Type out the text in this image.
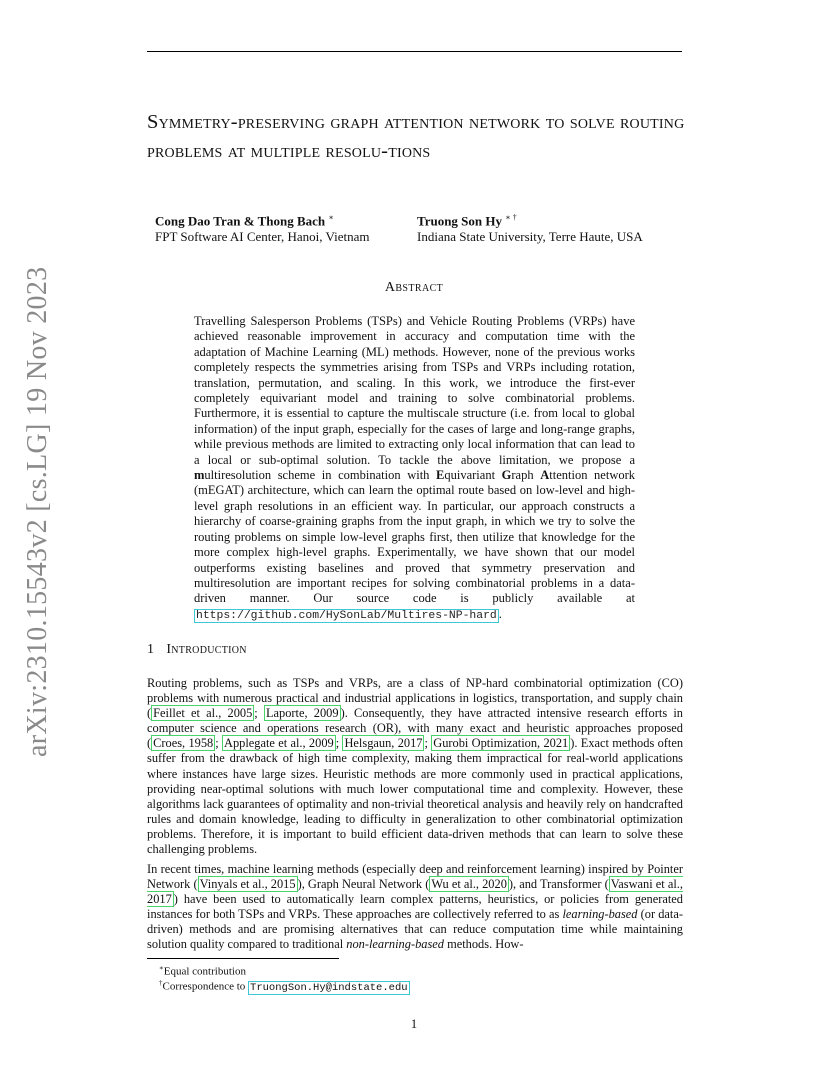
arXiv:2310.15543v2 [cs.LG] 19 Nov 2023
Symmetry-preserving graph attention network to solve routing problems at multiple resolu-tions
Cong Dao Tran & Thong Bach ∗
FPT Software AI Center, Hanoi, Vietnam
Truong Son Hy ∗ †
Indiana State University, Terre Haute, USA
Abstract
Travelling Salesperson Problems (TSPs) and Vehicle Routing Problems (VRPs) have achieved reasonable improvement in accuracy and computation time with the adaptation of Machine Learning (ML) methods. However, none of the previous works completely respects the symmetries arising from TSPs and VRPs including rotation, translation, permutation, and scaling. In this work, we introduce the first-ever completely equivariant model and training to solve combinatorial problems. Furthermore, it is essential to capture the multiscale structure (i.e. from local to global information) of the input graph, especially for the cases of large and long-range graphs, while previous methods are limited to extracting only local information that can lead to a local or sub-optimal solution. To tackle the above limitation, we propose a multiresolution scheme in combination with Equivariant Graph Attention network (mEGAT) architecture, which can learn the optimal route based on low-level and high-level graph resolutions in an efficient way. In particular, our approach constructs a hierarchy of coarse-graining graphs from the input graph, in which we try to solve the routing problems on simple low-level graphs first, then utilize that knowledge for the more complex high-level graphs. Experimentally, we have shown that our model outperforms existing baselines and proved that symmetry preservation and multiresolution are important recipes for solving combinatorial problems in a data-driven manner. Our source code is publicly available at https://github.com/HySonLab/Multires-NP-hard .
1 Introduction
Routing problems, such as TSPs and VRPs, are a class of NP-hard combinatorial optimization (CO) problems with numerous practical and industrial applications in logistics, transportation, and supply chain ( Feillet et al., 2005 ; Laporte, 2009 ). Consequently, they have attracted intensive research efforts in computer science and operations research (OR), with many exact and heuristic approaches proposed ( Croes, 1958 ; Applegate et al., 2009 ; Helsgaun, 2017 ; Gurobi Optimization, 2021 ). Exact methods often suffer from the drawback of high time complexity, making them impractical for real-world applications where instances have large sizes. Heuristic methods are more commonly used in practical applications, providing near-optimal solutions with much lower computational time and complexity. However, these algorithms lack guarantees of optimality and non-trivial theoretical analysis and heavily rely on handcrafted rules and domain knowledge, leading to difficulty in generalization to other combinatorial optimization problems. Therefore, it is important to build efficient data-driven methods that can learn to solve these challenging problems.
In recent times, machine learning methods (especially deep and reinforcement learning) inspired by Pointer Network ( Vinyals et al., 2015 ), Graph Neural Network ( Wu et al., 2020 ), and Transformer ( Vaswani et al., 2017 ) have been used to automatically learn complex patterns, heuristics, or policies from generated instances for both TSPs and VRPs. These approaches are collectively referred to as learning-based (or data-driven) methods and are promising alternatives that can reduce computation time while maintaining solution quality compared to traditional non-learning-based methods. How-
∗Equal contribution
†Correspondence to TruongSon.Hy@indstate.edu
1
